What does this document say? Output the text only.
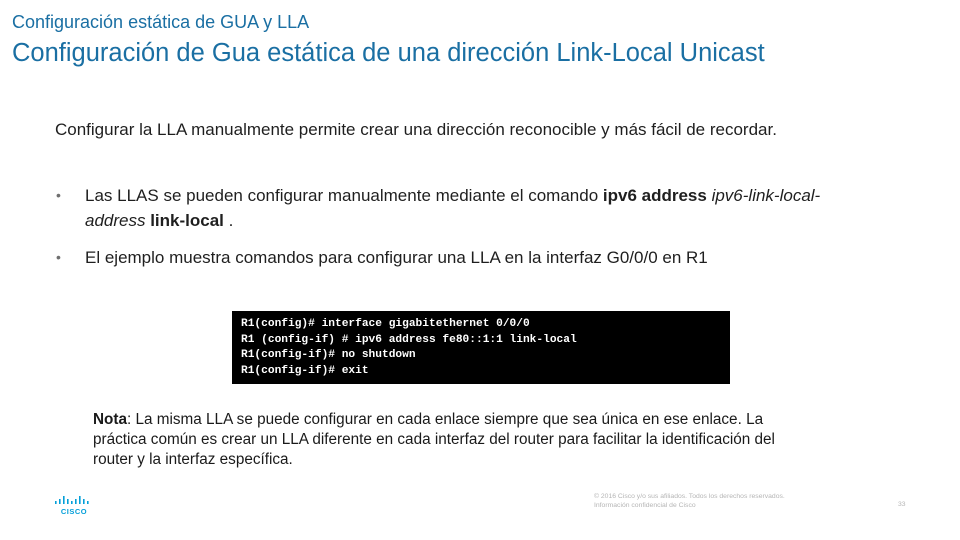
Configuración estática de GUA y LLA
Configuración de Gua estática de una dirección Link-Local Unicast
Configurar la LLA manualmente permite crear una dirección reconocible y más fácil de recordar.
• Las LLAS se pueden configurar manualmente mediante el comando ipv6 address ipv6-link-local-address link-local .
• El ejemplo muestra comandos para configurar una LLA en la interfaz G0/0/0 en R1
R1(config)# interface gigabitethernet 0/0/0
R1 (config-if) # ipv6 address fe80::1:1 link-local
R1(config-if)# no shutdown
R1(config-if)# exit
Nota: La misma LLA se puede configurar en cada enlace siempre que sea única en ese enlace. La práctica común es crear un LLA diferente en cada interfaz del router para facilitar la identificación del router y la interfaz específica.
CISCO
© 2016 Cisco y/o sus afiliados. Todos los derechos reservados.
Información confidencial de Cisco	33
